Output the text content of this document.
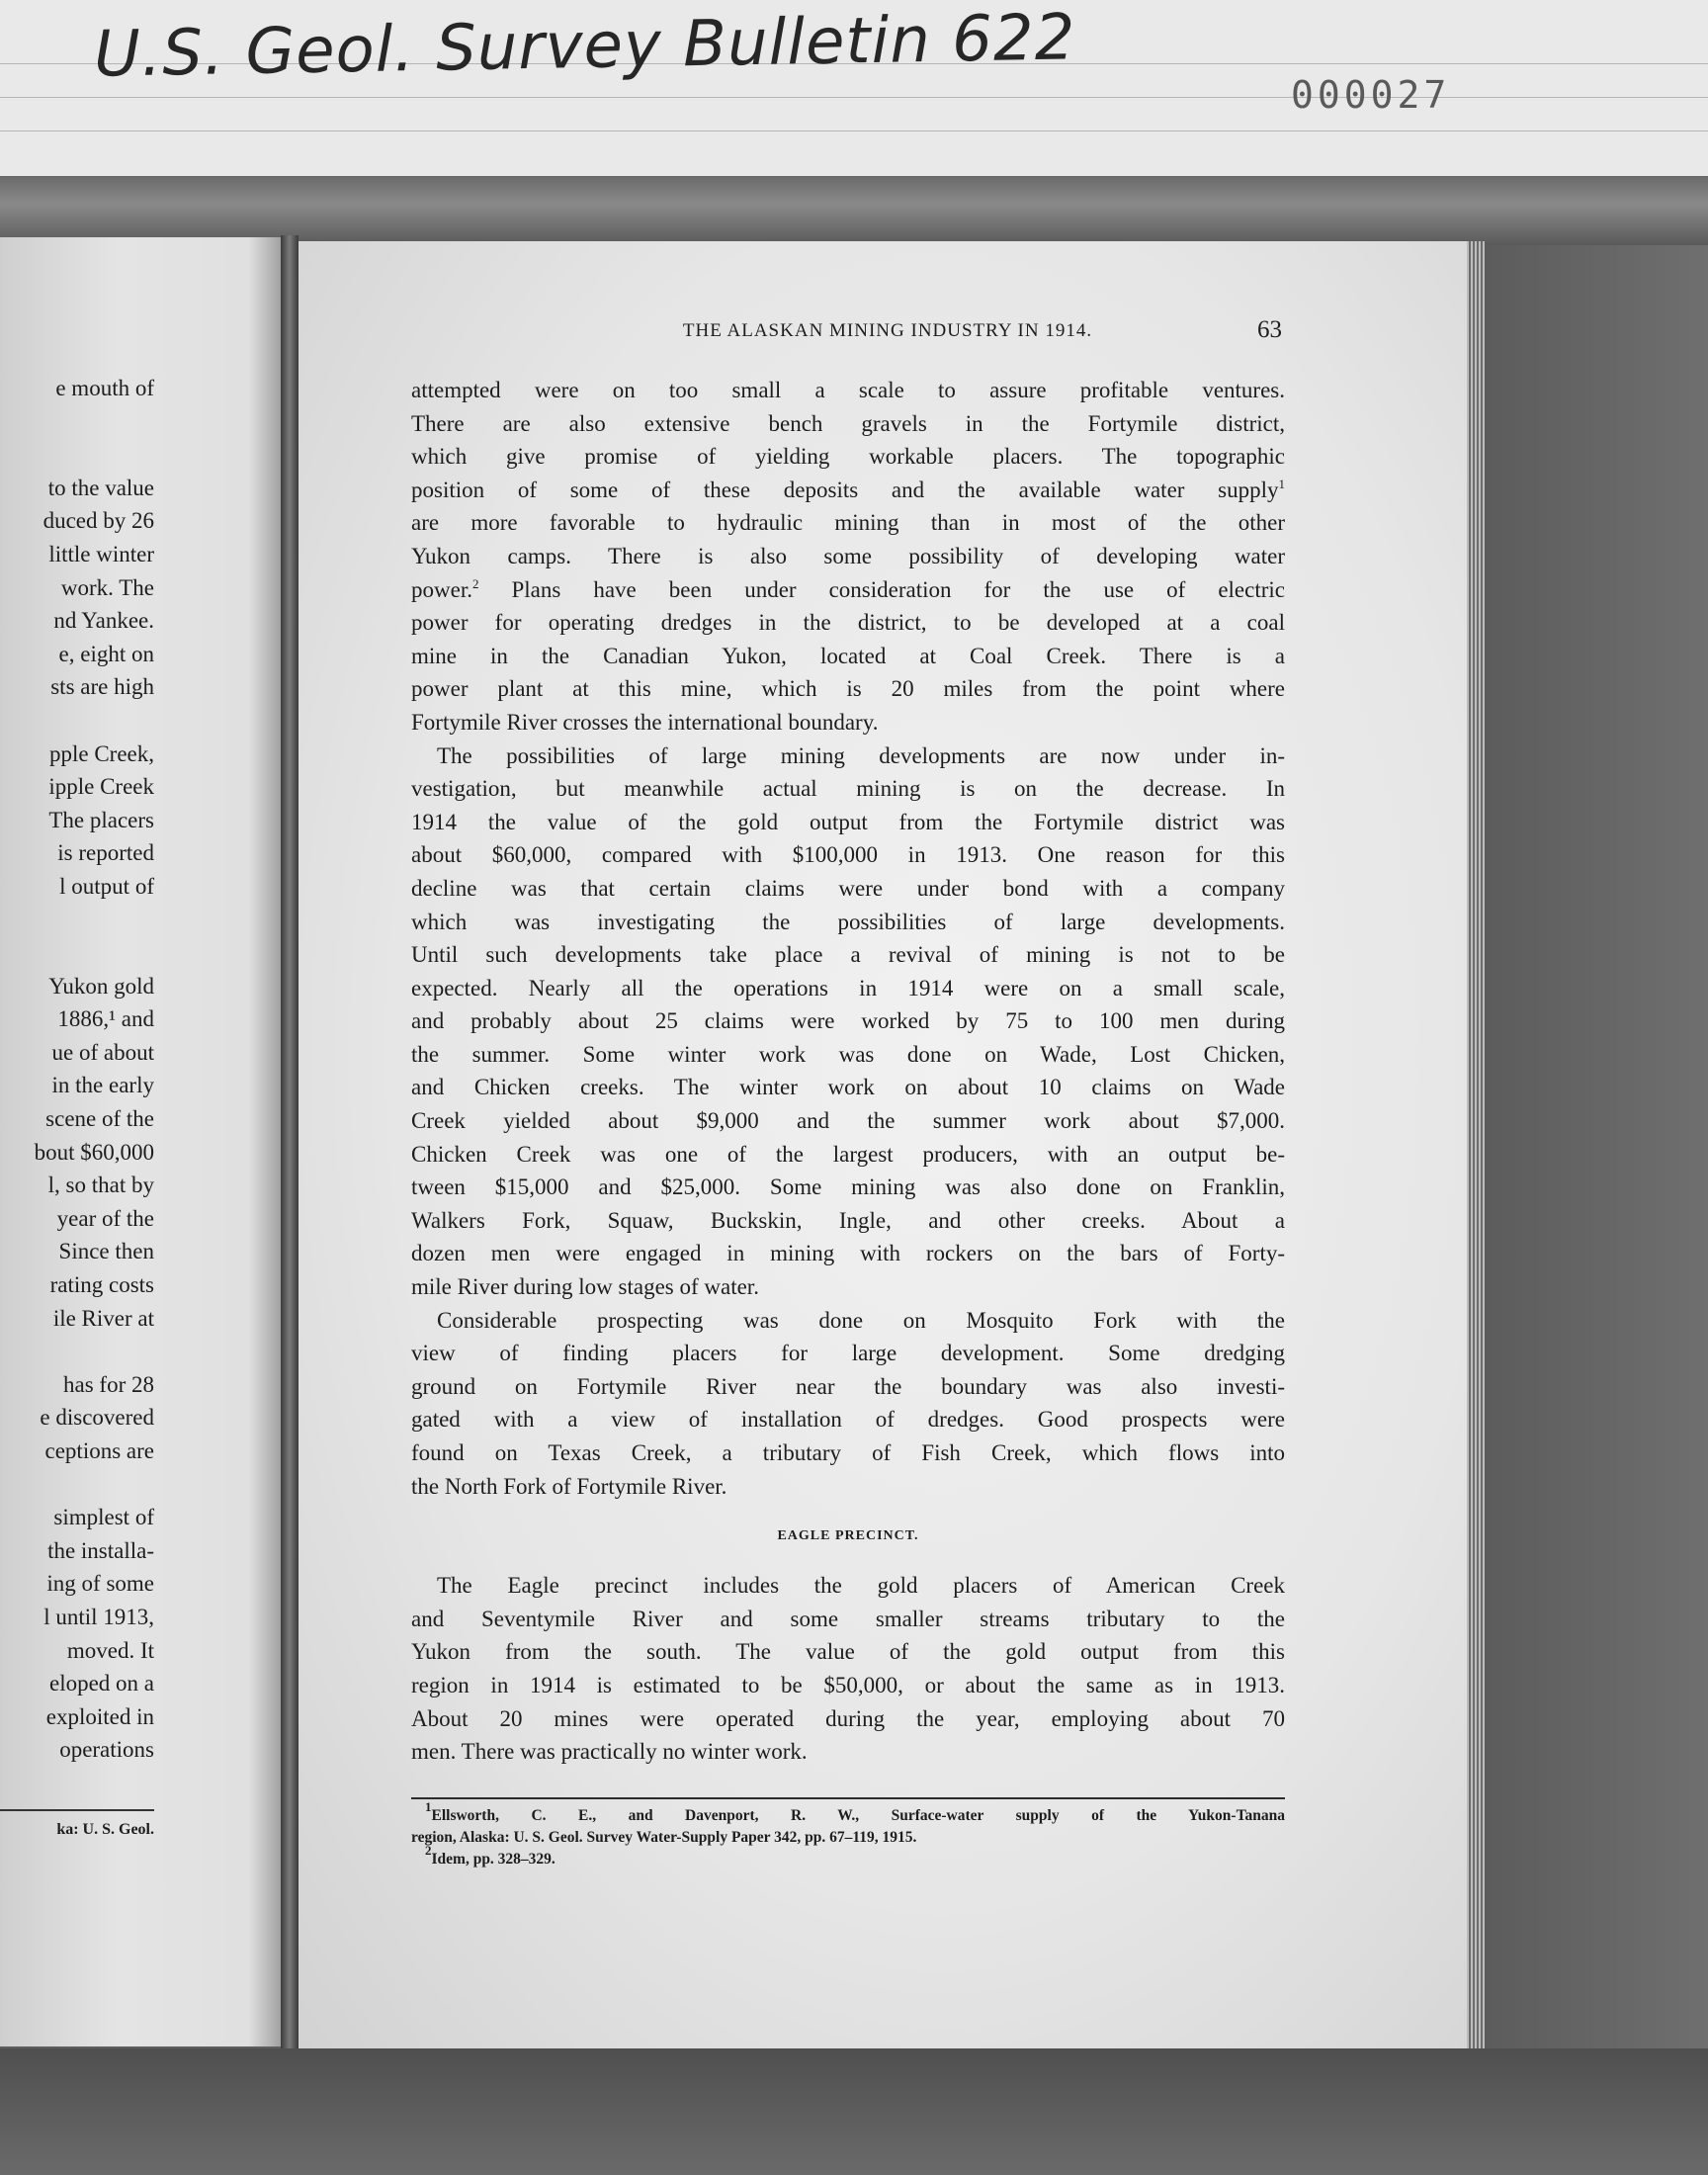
U.S. Geol. Survey Bulletin 622
000027
e mouth of
to the value
duced by 26
little winter
work. The
nd Yankee.
e, eight on
sts are high
pple Creek,
ipple Creek
The placers
is reported
l output of
Yukon gold
1886,¹ and
ue of about
in the early
scene of the
bout $60,000
l, so that by
year of the
Since then
rating costs
ile River at
has for 28
e discovered
ceptions are
simplest of
the installa-
ing of some
l until 1913,
moved. It
eloped on a
exploited in
operations
ka: U. S. Geol.
THE ALASKAN MINING INDUSTRY IN 1914.	63
attempted were on too small a scale to assure profitable ventures.
There are also extensive bench gravels in the Fortymile district,
which give promise of yielding workable placers. The topographic
position of some of these deposits and the available water supply$^1$
are more favorable to hydraulic mining than in most of the other
Yukon camps. There is also some possibility of developing water
power.$^2$ Plans have been under consideration for the use of electric
power for operating dredges in the district, to be developed at a coal
mine in the Canadian Yukon, located at Coal Creek. There is a
power plant at this mine, which is 20 miles from the point where
Fortymile River crosses the international boundary.
The possibilities of large mining developments are now under in-
vestigation, but meanwhile actual mining is on the decrease. In
1914 the value of the gold output from the Fortymile district was
about $60,000, compared with $100,000 in 1913. One reason for this
decline was that certain claims were under bond with a company
which was investigating the possibilities of large developments.
Until such developments take place a revival of mining is not to be
expected. Nearly all the operations in 1914 were on a small scale,
and probably about 25 claims were worked by 75 to 100 men during
the summer. Some winter work was done on Wade, Lost Chicken,
and Chicken creeks. The winter work on about 10 claims on Wade
Creek yielded about $9,000 and the summer work about $7,000.
Chicken Creek was one of the largest producers, with an output be-
tween $15,000 and $25,000. Some mining was also done on Franklin,
Walkers Fork, Squaw, Buckskin, Ingle, and other creeks. About a
dozen men were engaged in mining with rockers on the bars of Forty-
mile River during low stages of water.
Considerable prospecting was done on Mosquito Fork with the
view of finding placers for large development. Some dredging
ground on Fortymile River near the boundary was also investi-
gated with a view of installation of dredges. Good prospects were
found on Texas Creek, a tributary of Fish Creek, which flows into
the North Fork of Fortymile River.
EAGLE PRECINCT.
The Eagle precinct includes the gold placers of American Creek
and Seventymile River and some smaller streams tributary to the
Yukon from the south. The value of the gold output from this
region in 1914 is estimated to be $50,000, or about the same as in 1913.
About 20 mines were operated during the year, employing about 70
men. There was practically no winter work.
$^1$Ellsworth, C. E., and Davenport, R. W., Surface-water supply of the Yukon-Tanana
region, Alaska: U. S. Geol. Survey Water-Supply Paper 342, pp. 67–119, 1915.
$^2$Idem, pp. 328–329.
